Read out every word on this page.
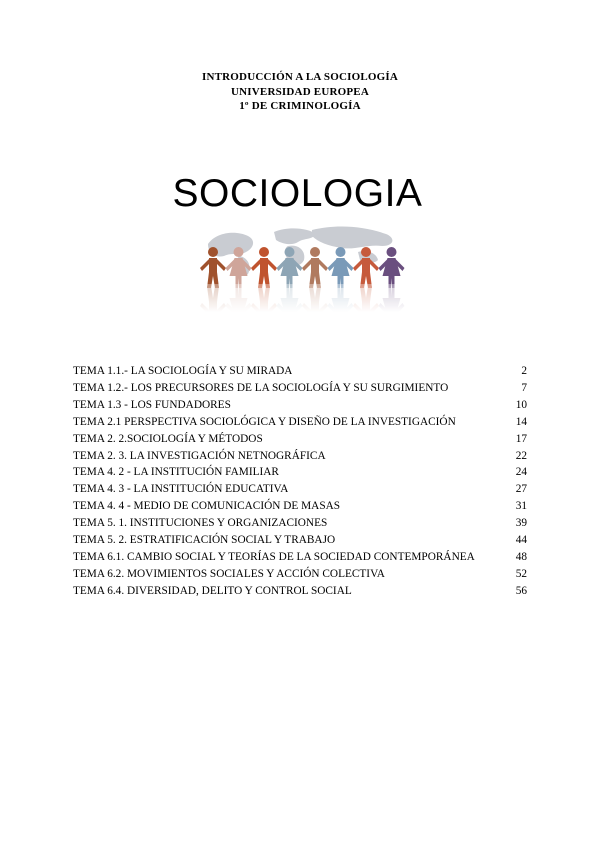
INTRODUCCIÓN A LA SOCIOLOGÍA
UNIVERSIDAD EUROPEA
1º DE CRIMINOLOGÍA
SOCIOLOGIA
TEMA 1.1.- LA SOCIOLOGÍA Y SU MIRADA	2
TEMA 1.2.- LOS PRECURSORES DE LA SOCIOLOGÍA Y SU SURGIMIENTO	7
TEMA 1.3 - LOS FUNDADORES	10
TEMA 2.1 PERSPECTIVA SOCIOLÓGICA Y DISEÑO DE LA INVESTIGACIÓN	14
TEMA 2. 2.SOCIOLOGÍA Y MÉTODOS	17
TEMA 2. 3. LA INVESTIGACIÓN NETNOGRÁFICA	22
TEMA 4. 2 - LA INSTITUCIÓN FAMILIAR	24
TEMA 4. 3 - LA INSTITUCIÓN EDUCATIVA	27
TEMA 4. 4 - MEDIO DE COMUNICACIÓN DE MASAS	31
TEMA 5. 1. INSTITUCIONES Y ORGANIZACIONES	39
TEMA 5. 2. ESTRATIFICACIÓN SOCIAL Y TRABAJO	44
TEMA 6.1. CAMBIO SOCIAL Y TEORÍAS DE LA SOCIEDAD CONTEMPORÁNEA	48
TEMA 6.2. MOVIMIENTOS SOCIALES Y ACCIÓN COLECTIVA	52
TEMA 6.4. DIVERSIDAD, DELITO Y CONTROL SOCIAL	56
